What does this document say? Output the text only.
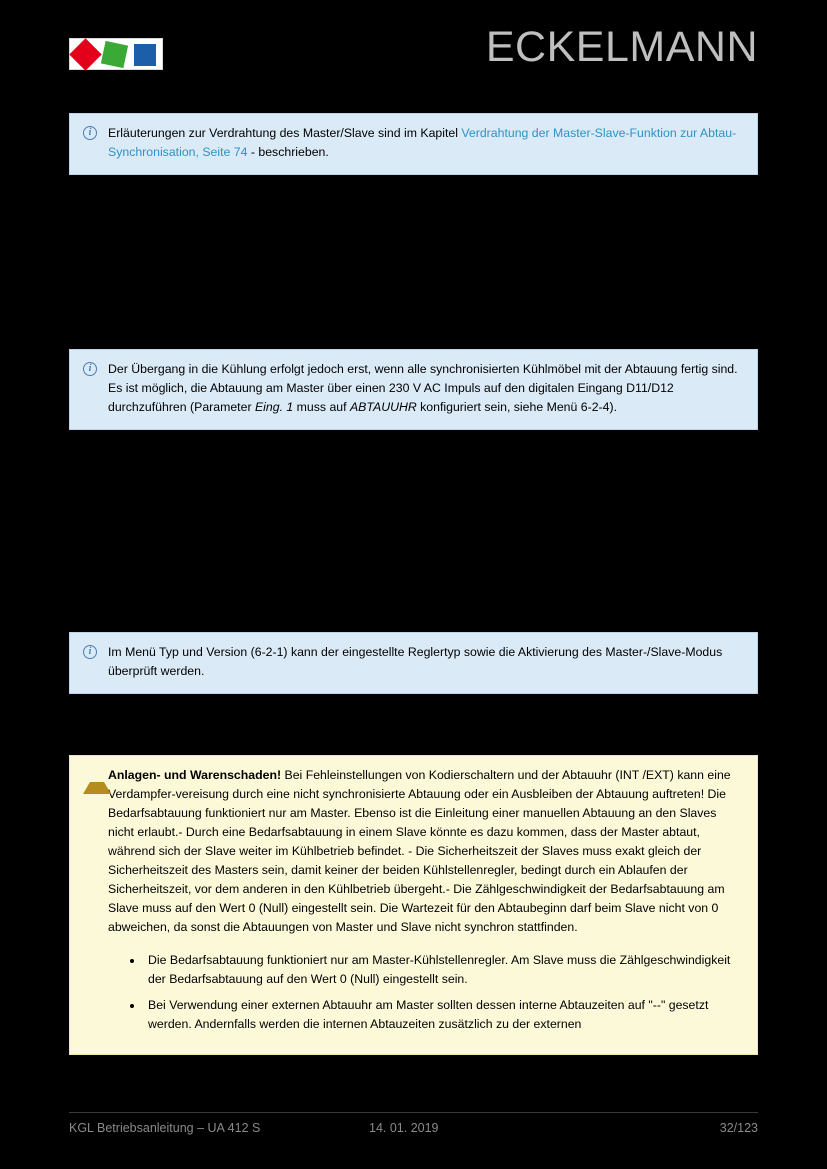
ECKELMANN
i
Erläuterungen zur Verdrahtung des Master/Slave sind im Kapitel Verdrahtung der Master-Slave-Funktion zur Abtau-Synchronisation, Seite 74 - beschrieben.
i
Der Übergang in die Kühlung erfolgt jedoch erst, wenn alle synchronisierten Kühlmöbel mit der Abtauung fertig sind. Es ist möglich, die Abtauung am Master über einen 230 V AC Impuls auf den digitalen Eingang D11/D12 durchzuführen (Parameter Eing. 1 muss auf ABTAUUHR konfiguriert sein, siehe Menü 6-2-4).
i
Im Menü Typ und Version (6-2-1) kann der eingestellte Reglertyp sowie die Aktivierung des Master-/Slave-Modus überprüft werden.
!
Anlagen- und Warenschaden! Bei Fehleinstellungen von Kodierschaltern und der Abtauuhr (INT /EXT) kann eine Verdampfer-vereisung durch eine nicht synchronisierte Abtauung oder ein Ausbleiben der Abtauung auftreten! Die Bedarfsabtauung funktioniert nur am Master. Ebenso ist die Einleitung einer manuellen Abtauung an den Slaves nicht erlaubt.- Durch eine Bedarfsabtauung in einem Slave könnte es dazu kommen, dass der Master abtaut, während sich der Slave weiter im Kühlbetrieb befindet. - Die Sicherheitszeit der Slaves muss exakt gleich der Sicherheitszeit des Masters sein, damit keiner der beiden Kühlstellenregler, bedingt durch ein Ablaufen der Sicherheitszeit, vor dem anderen in den Kühlbetrieb übergeht.- Die Zählgeschwindigkeit der Bedarfsabtauung am Slave muss auf den Wert 0 (Null) eingestellt sein. Die Wartezeit für den Abtaubeginn darf beim Slave nicht von 0 abweichen, da sonst die Abtauungen von Master und Slave nicht synchron stattfinden.
• Die Bedarfsabtauung funktioniert nur am Master-Kühlstellenregler. Am Slave muss die Zählgeschwindigkeit der Bedarfsabtauung auf den Wert 0 (Null) eingestellt sein.
• Bei Verwendung einer externen Abtauuhr am Master sollten dessen interne Abtauzeiten auf "--" gesetzt werden. Andernfalls werden die internen Abtauzeiten zusätzlich zu der externen
KGL Betriebsanleitung – UA 412 S	14. 01. 2019	32/123
